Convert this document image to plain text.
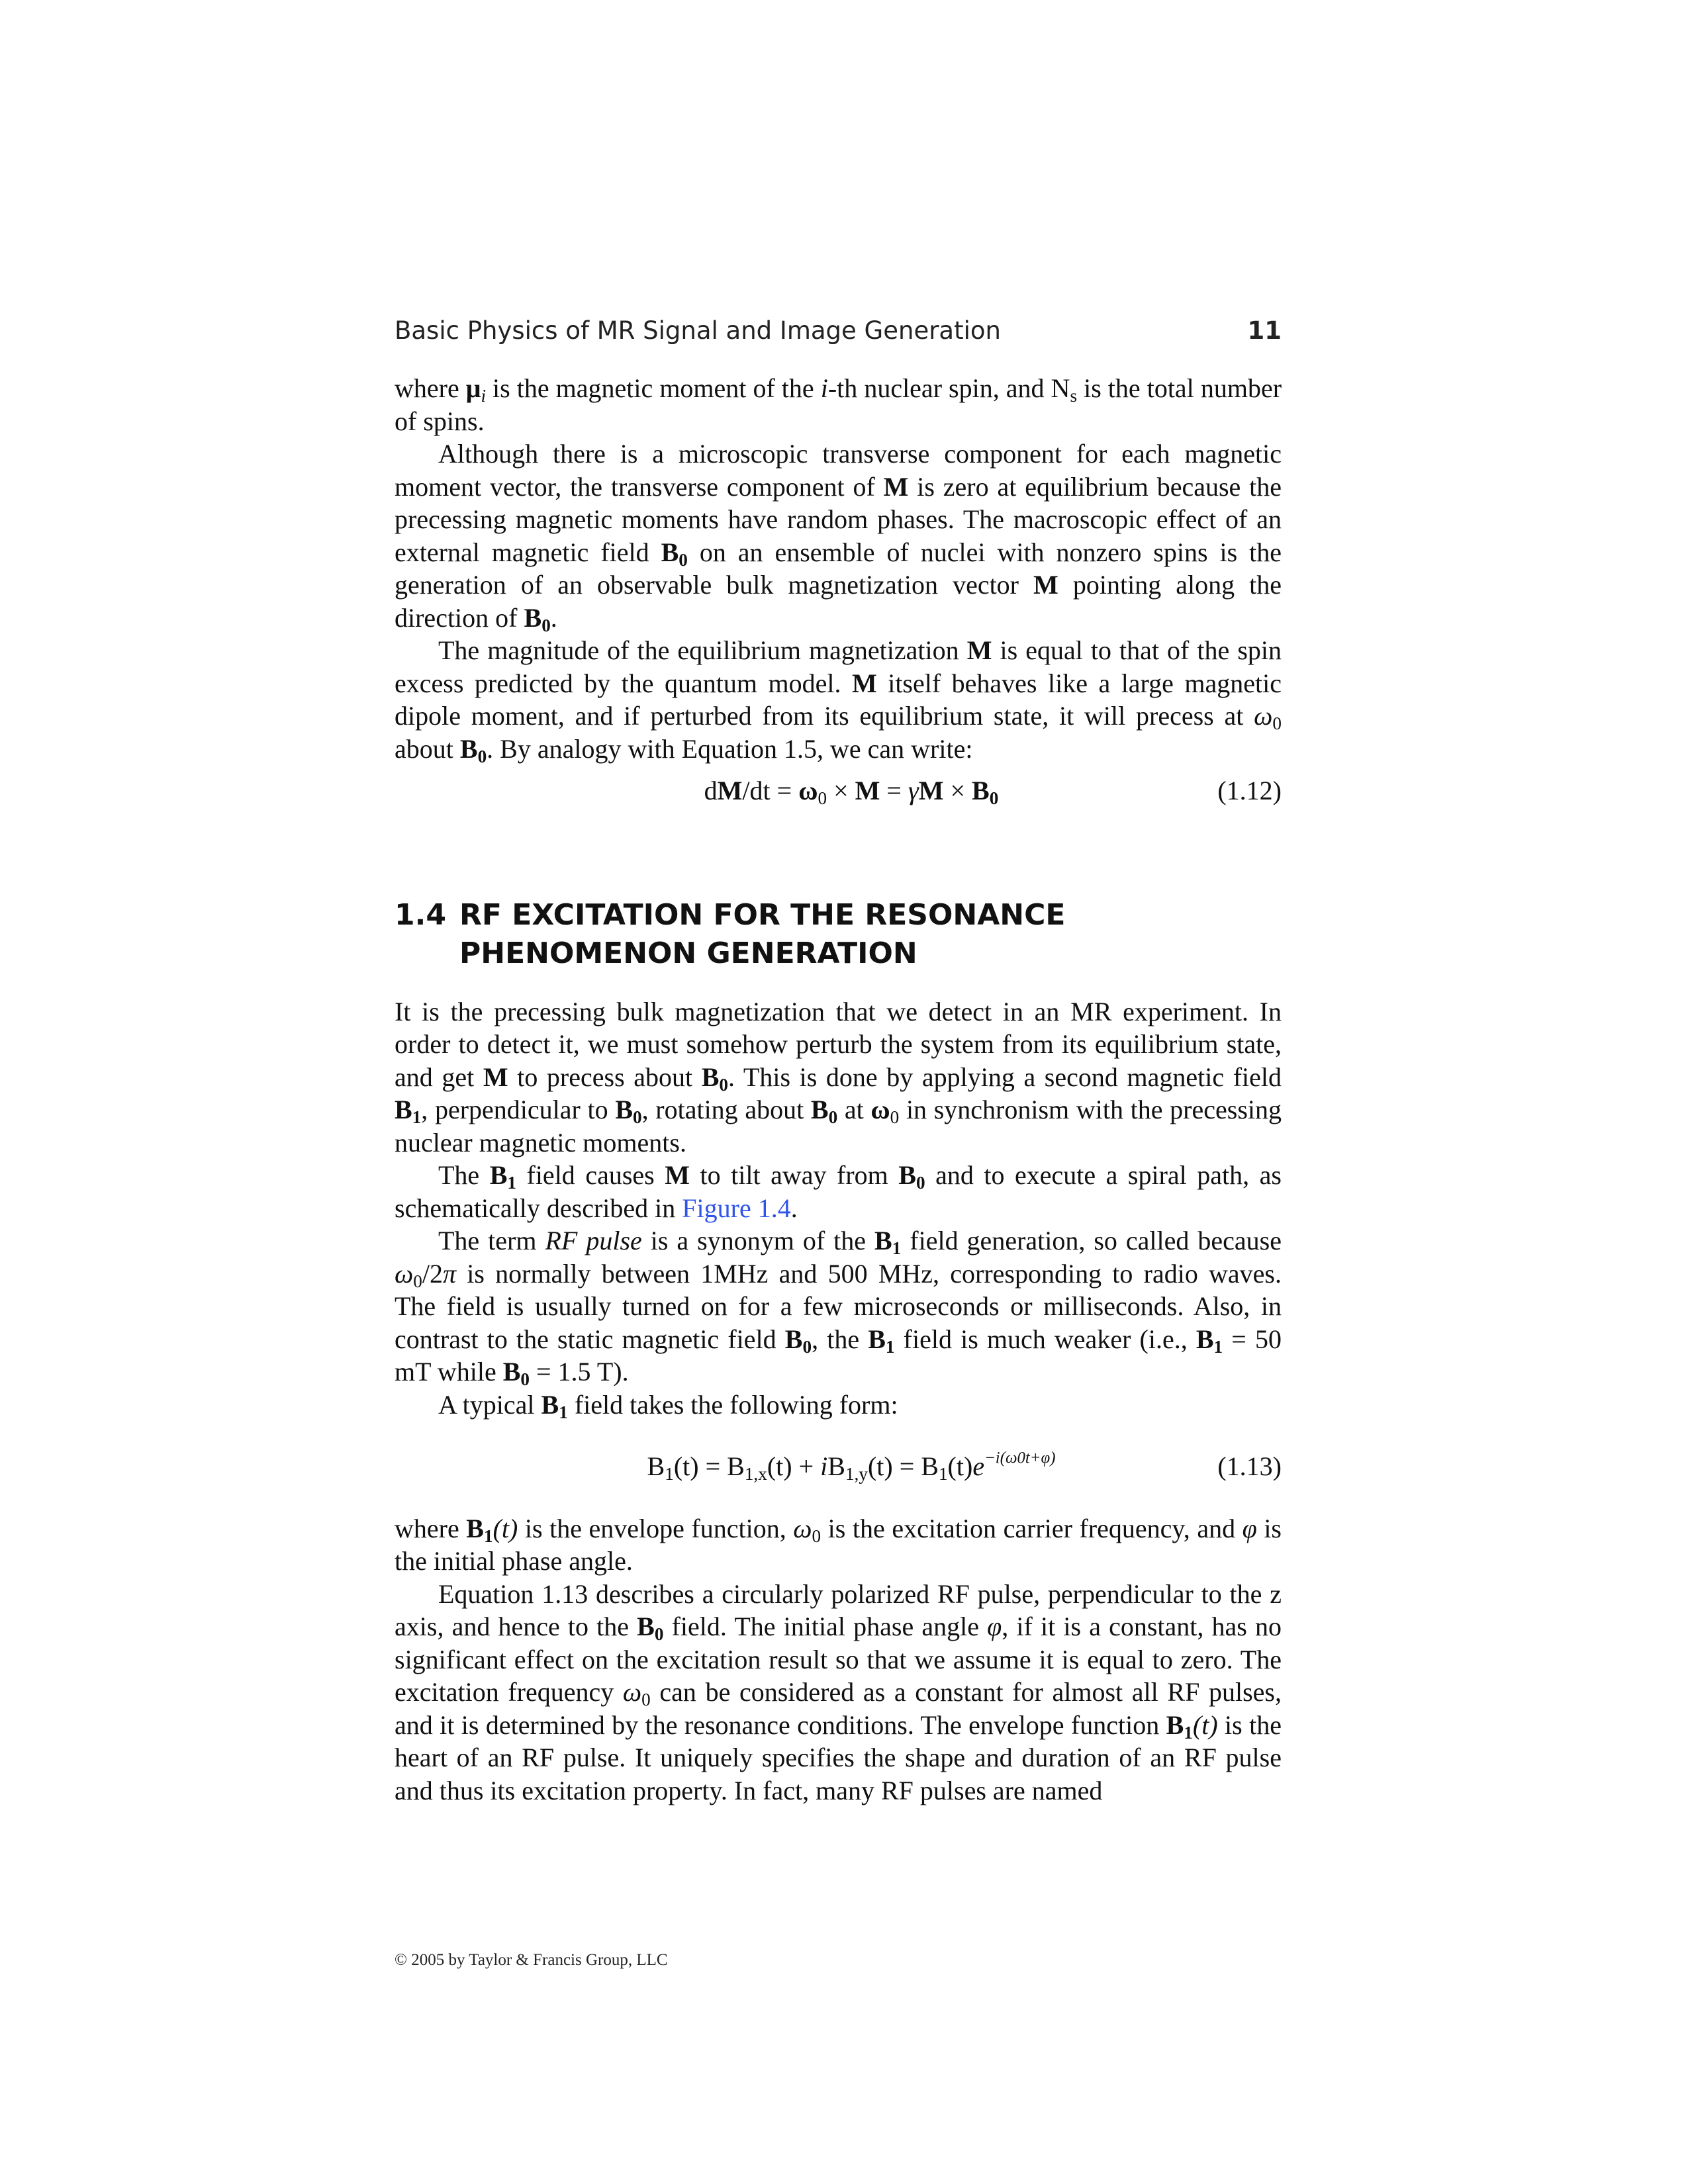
Basic Physics of MR Signal and Image Generation	11

where $\mu_i$ is the magnetic moment of the i-th nuclear spin, and $N_s$ is the total number of spins.

Although there is a microscopic transverse component for each magnetic moment vector, the transverse component of M is zero at equilibrium because the precessing magnetic moments have random phases. The macroscopic effect of an external magnetic field $B_0$ on an ensemble of nuclei with nonzero spins is the generation of an observable bulk magnetization vector M pointing along the direction of $B_0$.

The magnitude of the equilibrium magnetization M is equal to that of the spin excess predicted by the quantum model. M itself behaves like a large magnetic dipole moment, and if perturbed from its equilibrium state, it will precess at $\omega_0$ about $B_0$. By analogy with Equation 1.5, we can write:

$dM/dt = \omega_0 \times M = \gamma M \times B_0$	(1.12)
1.4 RF EXCITATION FOR THE RESONANCE
PHENOMENON GENERATION

It is the precessing bulk magnetization that we detect in an MR experiment. In order to detect it, we must somehow perturb the system from its equilibrium state, and get M to precess about $B_0$. This is done by applying a second magnetic field $B_1$, perpendicular to $B_0$, rotating about $B_0$ at $\omega_0$ in synchronism with the precessing nuclear magnetic moments.

The $B_1$ field causes M to tilt away from $B_0$ and to execute a spiral path, as schematically described in Figure 1.4.

The term RF pulse is a synonym of the $B_1$ field generation, so called because $\omega_0/2\pi$ is normally between 1MHz and 500 MHz, corresponding to radio waves. The field is usually turned on for a few microseconds or milliseconds. Also, in contrast to the static magnetic field $B_0$, the $B_1$ field is much weaker (i.e., $B_1 = 50$ mT while $B_0 = 1.5$ T).

A typical $B_1$ field takes the following form:

$B_1(t) = B_{1,x}(t) + iB_{1,y}(t) = B_1(t)e^{-i(\omega 0t+\varphi)}$	(1.13)

where $B_1(t)$ is the envelope function, $\omega_0$ is the excitation carrier frequency, and φ is the initial phase angle.

Equation 1.13 describes a circularly polarized RF pulse, perpendicular to the z axis, and hence to the $B_0$ field. The initial phase angle φ, if it is a constant, has no significant effect on the excitation result so that we assume it is equal to zero. The excitation frequency $\omega_0$ can be considered as a constant for almost all RF pulses, and it is determined by the resonance conditions. The envelope function $B_1(t)$ is the heart of an RF pulse. It uniquely specifies the shape and duration of an RF pulse and thus its excitation property. In fact, many RF pulses are named

© 2005 by Taylor & Francis Group, LLC
